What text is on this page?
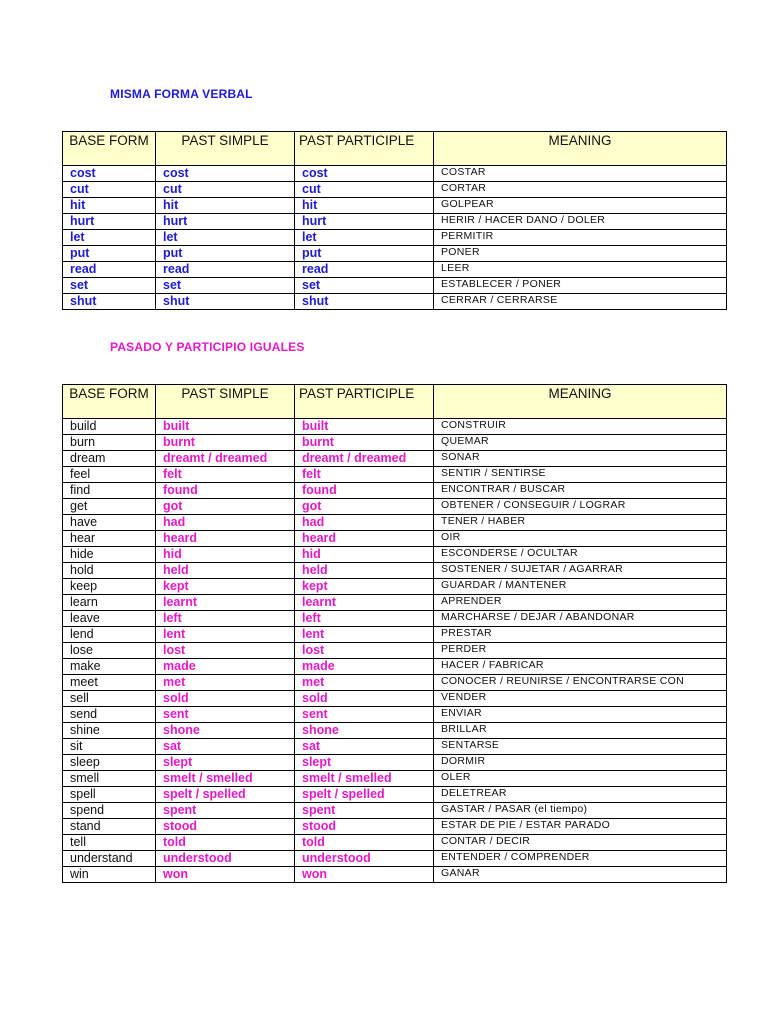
MISMA FORMA VERBAL
BASE FORM	PAST SIMPLE	PAST PARTICIPLE	MEANING
cost	cost	cost	COSTAR
cut	cut	cut	CORTAR
hit	hit	hit	GOLPEAR
hurt	hurt	hurt	HERIR / HACER DANO / DOLER
let	let	let	PERMITIR
put	put	put	PONER
read	read	read	LEER
set	set	set	ESTABLECER / PONER
shut	shut	shut	CERRAR / CERRARSE
PASADO Y PARTICIPIO IGUALES
BASE FORM	PAST SIMPLE	PAST PARTICIPLE	MEANING
build	built	built	CONSTRUIR
burn	burnt	burnt	QUEMAR
dream	dreamt / dreamed	dreamt / dreamed	SONAR
feel	felt	felt	SENTIR / SENTIRSE
find	found	found	ENCONTRAR / BUSCAR
get	got	got	OBTENER / CONSEGUIR / LOGRAR
have	had	had	TENER / HABER
hear	heard	heard	OIR
hide	hid	hid	ESCONDERSE / OCULTAR
hold	held	held	SOSTENER / SUJETAR / AGARRAR
keep	kept	kept	GUARDAR / MANTENER
learn	learnt	learnt	APRENDER
leave	left	left	MARCHARSE / DEJAR / ABANDONAR
lend	lent	lent	PRESTAR
lose	lost	lost	PERDER
make	made	made	HACER / FABRICAR
meet	met	met	CONOCER / REUNIRSE / ENCONTRARSE CON
sell	sold	sold	VENDER
send	sent	sent	ENVIAR
shine	shone	shone	BRILLAR
sit	sat	sat	SENTARSE
sleep	slept	slept	DORMIR
smell	smelt / smelled	smelt / smelled	OLER
spell	spelt / spelled	spelt / spelled	DELETREAR
spend	spent	spent	GASTAR / PASAR (el tiempo)
stand	stood	stood	ESTAR DE PIE / ESTAR PARADO
tell	told	told	CONTAR / DECIR
understand	understood	understood	ENTENDER / COMPRENDER
win	won	won	GANAR
